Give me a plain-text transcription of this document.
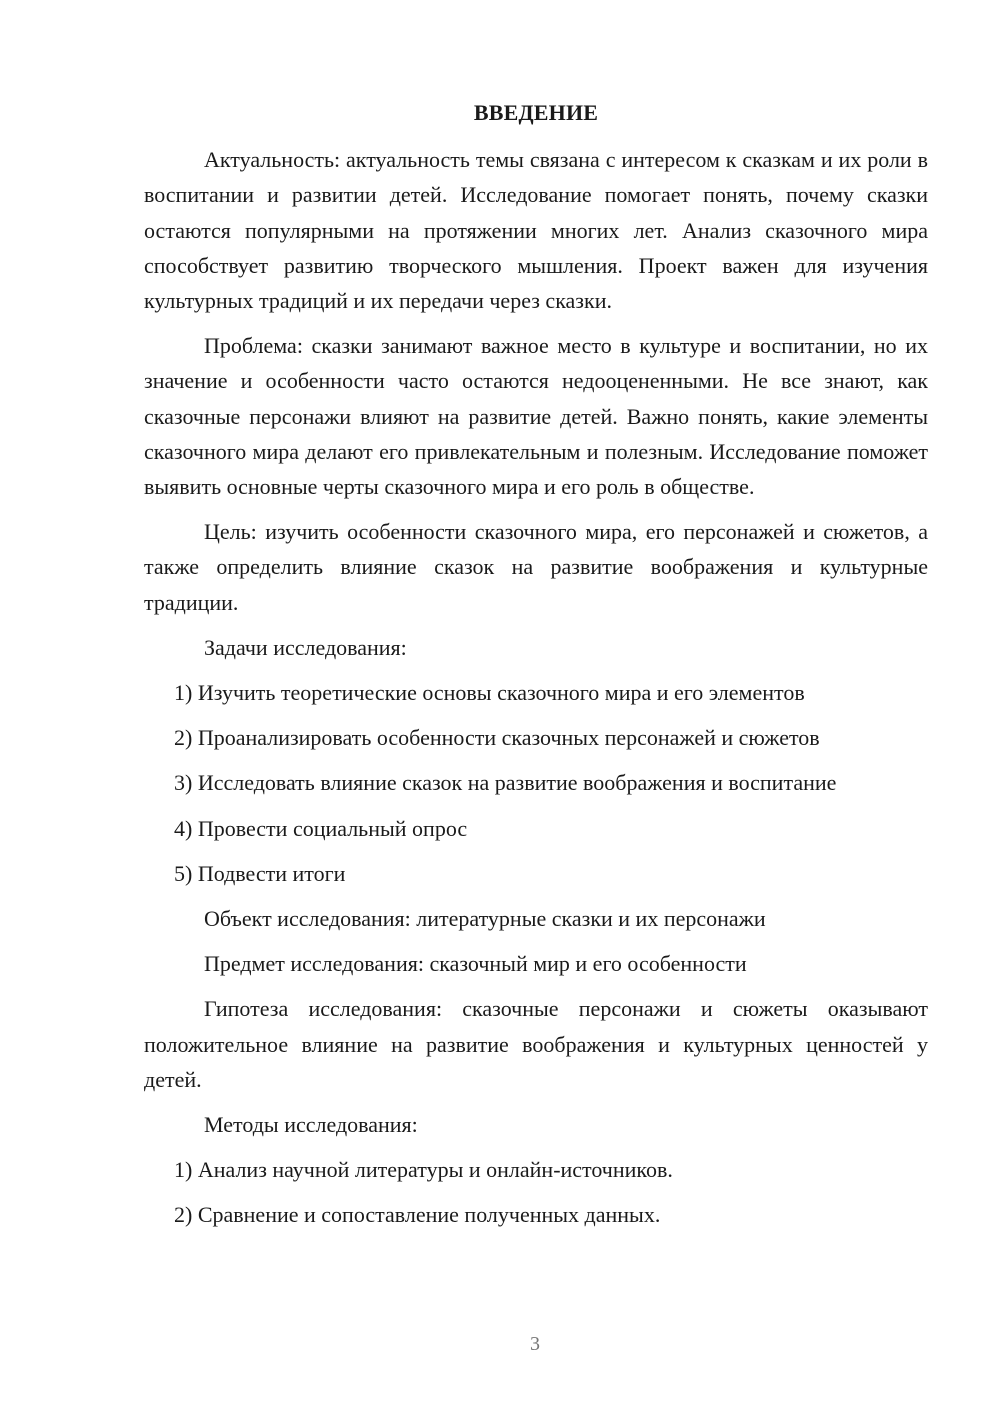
ВВЕДЕНИЕ

Актуальность: актуальность темы связана с интересом к сказкам и их роли в воспитании и развитии детей. Исследование помогает понять, почему сказки остаются популярными на протяжении многих лет. Анализ сказочного мира способствует развитию творческого мышления. Проект важен для изучения культурных традиций и их передачи через сказки.

Проблема: сказки занимают важное место в культуре и воспитании, но их значение и особенности часто остаются недооцененными. Не все знают, как сказочные персонажи влияют на развитие детей. Важно понять, какие элементы сказочного мира делают его привлекательным и полезным. Исследование поможет выявить основные черты сказочного мира и его роль в обществе.

Цель: изучить особенности сказочного мира, его персонажей и сюжетов, а также определить влияние сказок на развитие воображения и культурные традиции.

Задачи исследования:
1) Изучить теоретические основы сказочного мира и его элементов
2) Проанализировать особенности сказочных персонажей и сюжетов
3) Исследовать влияние сказок на развитие воображения и воспитание
4) Провести социальный опрос
5) Подвести итоги
Объект исследования: литературные сказки и их персонажи
Предмет исследования: сказочный мир и его особенности

Гипотеза исследования: сказочные персонажи и сюжеты оказывают положительное влияние на развитие воображения и культурных ценностей у детей.

Методы исследования:
1) Анализ научной литературы и онлайн-источников.
2) Сравнение и сопоставление полученных данных.
3
